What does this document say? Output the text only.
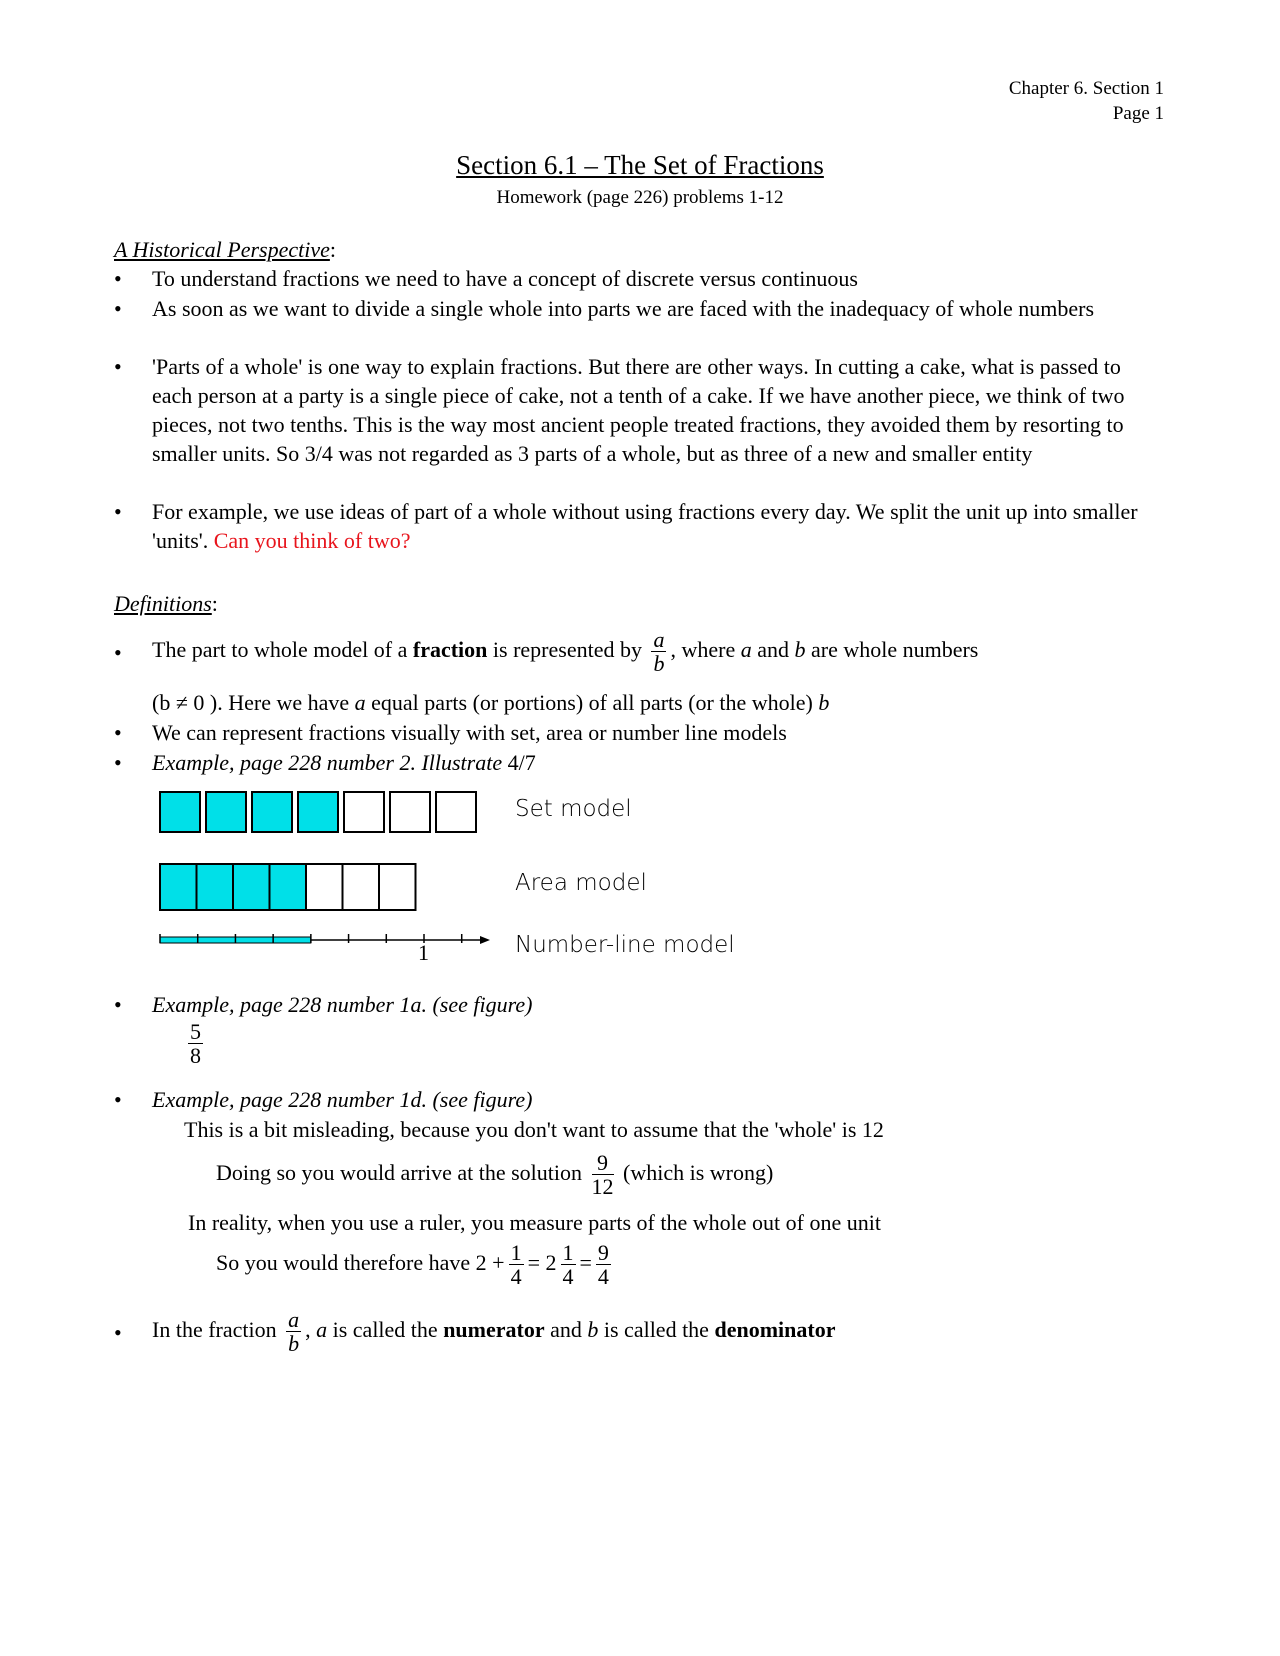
Chapter 6. Section 1
Page 1
Section 6.1 – The Set of Fractions
Homework (page 226) problems 1-12
A Historical Perspective:
• To understand fractions we need to have a concept of discrete versus continuous
• As soon as we want to divide a single whole into parts we are faced with the inadequacy of whole numbers
• 'Parts of a whole' is one way to explain fractions. But there are other ways. In cutting a cake, what is passed to each person at a party is a single piece of cake, not a tenth of a cake. If we have another piece, we think of two pieces, not two tenths. This is the way most ancient people treated fractions, they avoided them by resorting to smaller units. So 3/4 was not regarded as 3 parts of a whole, but as three of a new and smaller entity
• For example, we use ideas of part of a whole without using fractions every day. We split the unit up into smaller 'units'. Can you think of two?
Definitions:
• The part to whole model of a fraction is represented by $\frac{a}{b}$ , where a and b are whole numbers
(b ≠ 0 ). Here we have a equal parts (or portions) of all parts (or the whole) b
• We can represent fractions visually with set, area or number line models
• Example, page 228 number 2. Illustrate 4/7
1
Set model
Area model
Number-line model
• Example, page 228 number 1a. (see figure)
$\frac{5}{8}$
• Example, page 228 number 1d. (see figure)
This is a bit misleading, because you don't want to assume that the 'whole' is 12
Doing so you would arrive at the solution $\frac{9}{12}$ (which is wrong)
In reality, when you use a ruler, you measure parts of the whole out of one unit
So you would therefore have $2 + \frac{1}{4} = 2 \frac{1}{4} = \frac{9}{4}$
• In the fraction $\frac{a}{b}$ , a is called the numerator and b is called the denominator
